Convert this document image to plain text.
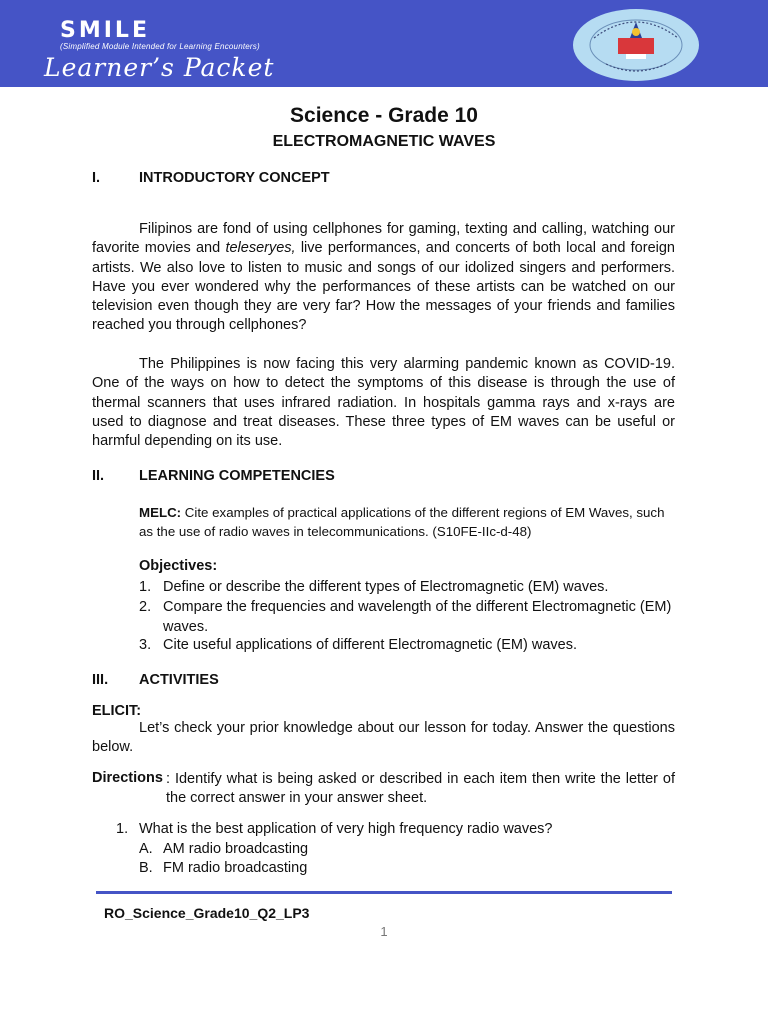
SMILE
(Simplified Module Intended for Learning Encounters)
Learner’s Packet
Science - Grade 10
ELECTROMAGNETIC WAVES
I.	INTRODUCTORY CONCEPT

Filipinos are fond of using cellphones for gaming, texting and calling, watching our favorite movies and teleseryes, live performances, and concerts of both local and foreign artists. We also love to listen to music and songs of our idolized singers and performers. Have you ever wondered why the performances of these artists can be watched on our television even though they are very far? How the messages of your friends and families reached you through cellphones?

The Philippines is now facing this very alarming pandemic known as COVID-19. One of the ways on how to detect the symptoms of this disease is through the use of thermal scanners that uses infrared radiation. In hospitals gamma rays and x-rays are used to diagnose and treat diseases. These three types of EM waves can be useful or harmful depending on its use.

II. LEARNING COMPETENCIES
MELC: Cite examples of practical applications of the different regions of EM Waves, such as the use of radio waves in telecommunications. (S10FE-IIc-d-48)
Objectives:
1. Define or describe the different types of Electromagnetic (EM) waves.
2. Compare the frequencies and wavelength of the different Electromagnetic (EM) waves.
3. Cite useful applications of different Electromagnetic (EM) waves.
III. ACTIVITIES
ELICIT:

Let’s check your prior knowledge about our lesson for today. Answer the questions below.

Directions : Identify what is being asked or described in each item then write the letter of the correct answer in your answer sheet.
1. What is the best application of very high frequency radio waves?
A. AM radio broadcasting
B. FM radio broadcasting
RO_Science_Grade10_Q2_LP3
1
